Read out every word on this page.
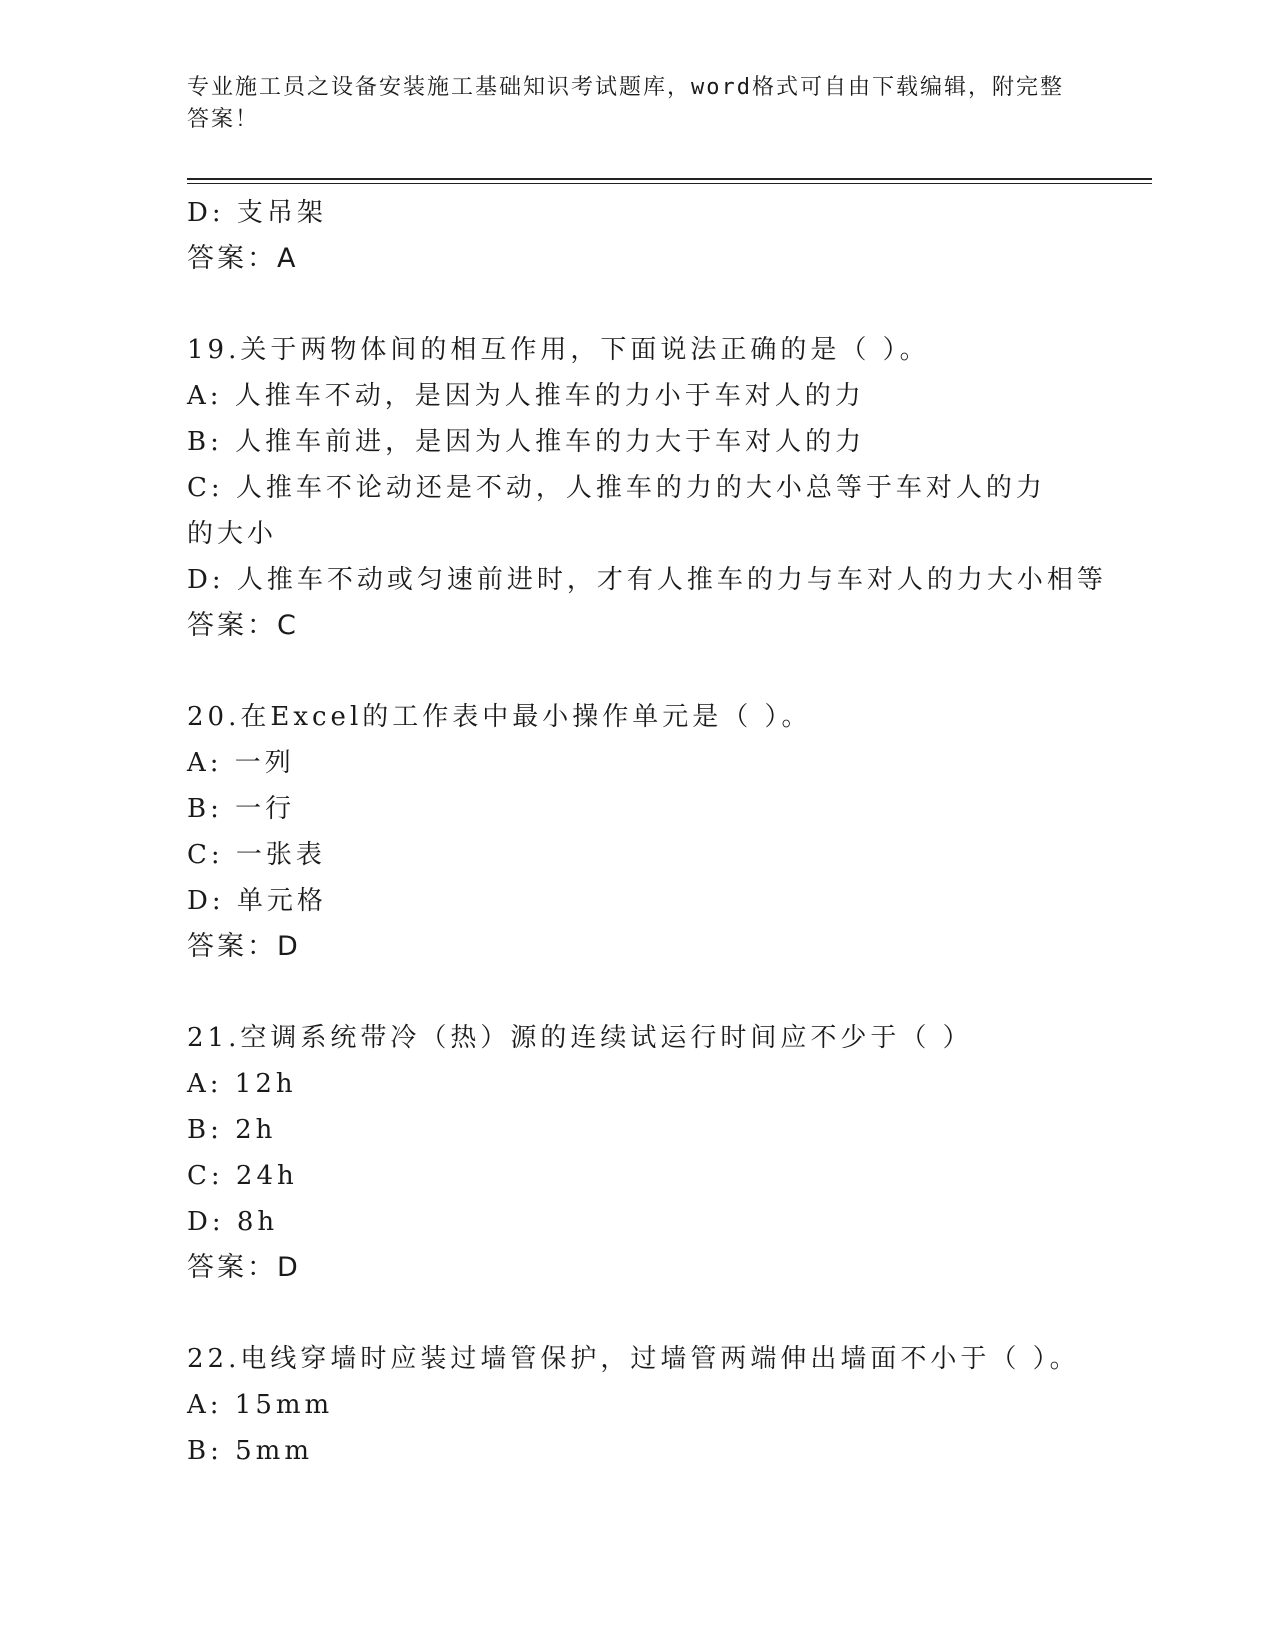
专业施工员之设备安装施工基础知识考试题库，word格式可自由下载编辑，附完整答案！
D: 支吊架
答案：A
19.关于两物体间的相互作用，下面说法正确的是（ ）。
A: 人推车不动，是因为人推车的力小于车对人的力
B: 人推车前进，是因为人推车的力大于车对人的力
C: 人推车不论动还是不动，人推车的力的大小总等于车对人的力的大小
D: 人推车不动或匀速前进时，才有人推车的力与车对人的力大小相等
答案：C
20.在Excel的工作表中最小操作单元是（ ）。
A: 一列
B: 一行
C: 一张表
D: 单元格
答案：D
21.空调系统带冷（热）源的连续试运行时间应不少于（ ）
A: 12h
B: 2h
C: 24h
D: 8h
答案：D
22.电线穿墙时应装过墙管保护，过墙管两端伸出墙面不小于（ ）。
A: 15mm
B: 5mm
